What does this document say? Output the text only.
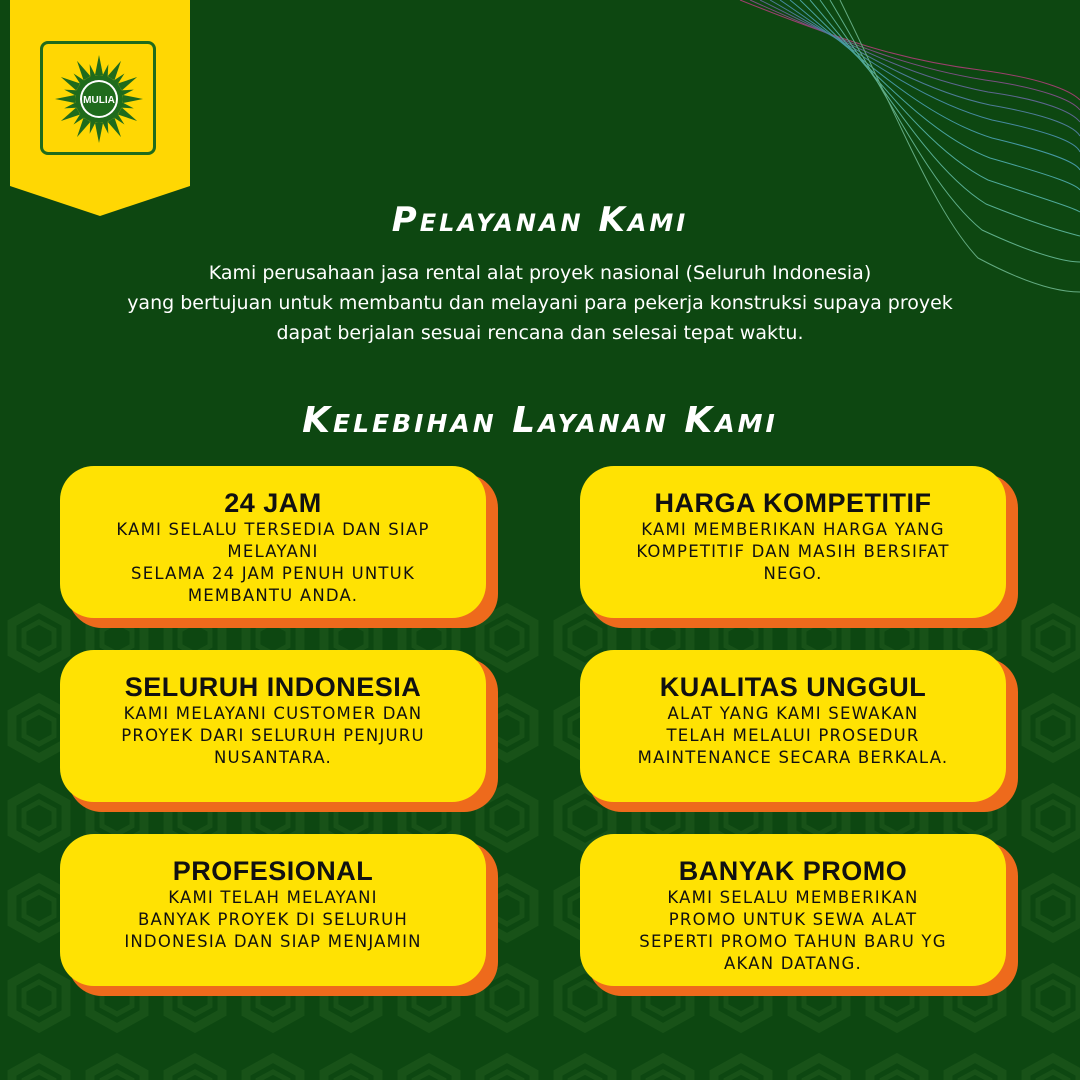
MULIA
Pelayanan Kami
Kami perusahaan jasa rental alat proyek nasional (Seluruh Indonesia)
yang bertujuan untuk membantu dan melayani para pekerja konstruksi supaya proyek
dapat berjalan sesuai rencana dan selesai tepat waktu.
Kelebihan Layanan Kami
24 JAM
KAMI SELALU TERSEDIA DAN SIAP
MELAYANI
SELAMA 24 JAM PENUH UNTUK
MEMBANTU ANDA.
HARGA KOMPETITIF
KAMI MEMBERIKAN HARGA YANG
KOMPETITIF DAN MASIH BERSIFAT
NEGO.
SELURUH INDONESIA
KAMI MELAYANI CUSTOMER DAN
PROYEK DARI SELURUH PENJURU
NUSANTARA.
KUALITAS UNGGUL
ALAT YANG KAMI SEWAKAN
TELAH MELALUI PROSEDUR
MAINTENANCE SECARA BERKALA.
PROFESIONAL
KAMI TELAH MELAYANI
BANYAK PROYEK DI SELURUH
INDONESIA DAN SIAP MENJAMIN
BANYAK PROMO
KAMI SELALU MEMBERIKAN
PROMO UNTUK SEWA ALAT
SEPERTI PROMO TAHUN BARU YG
AKAN DATANG.
